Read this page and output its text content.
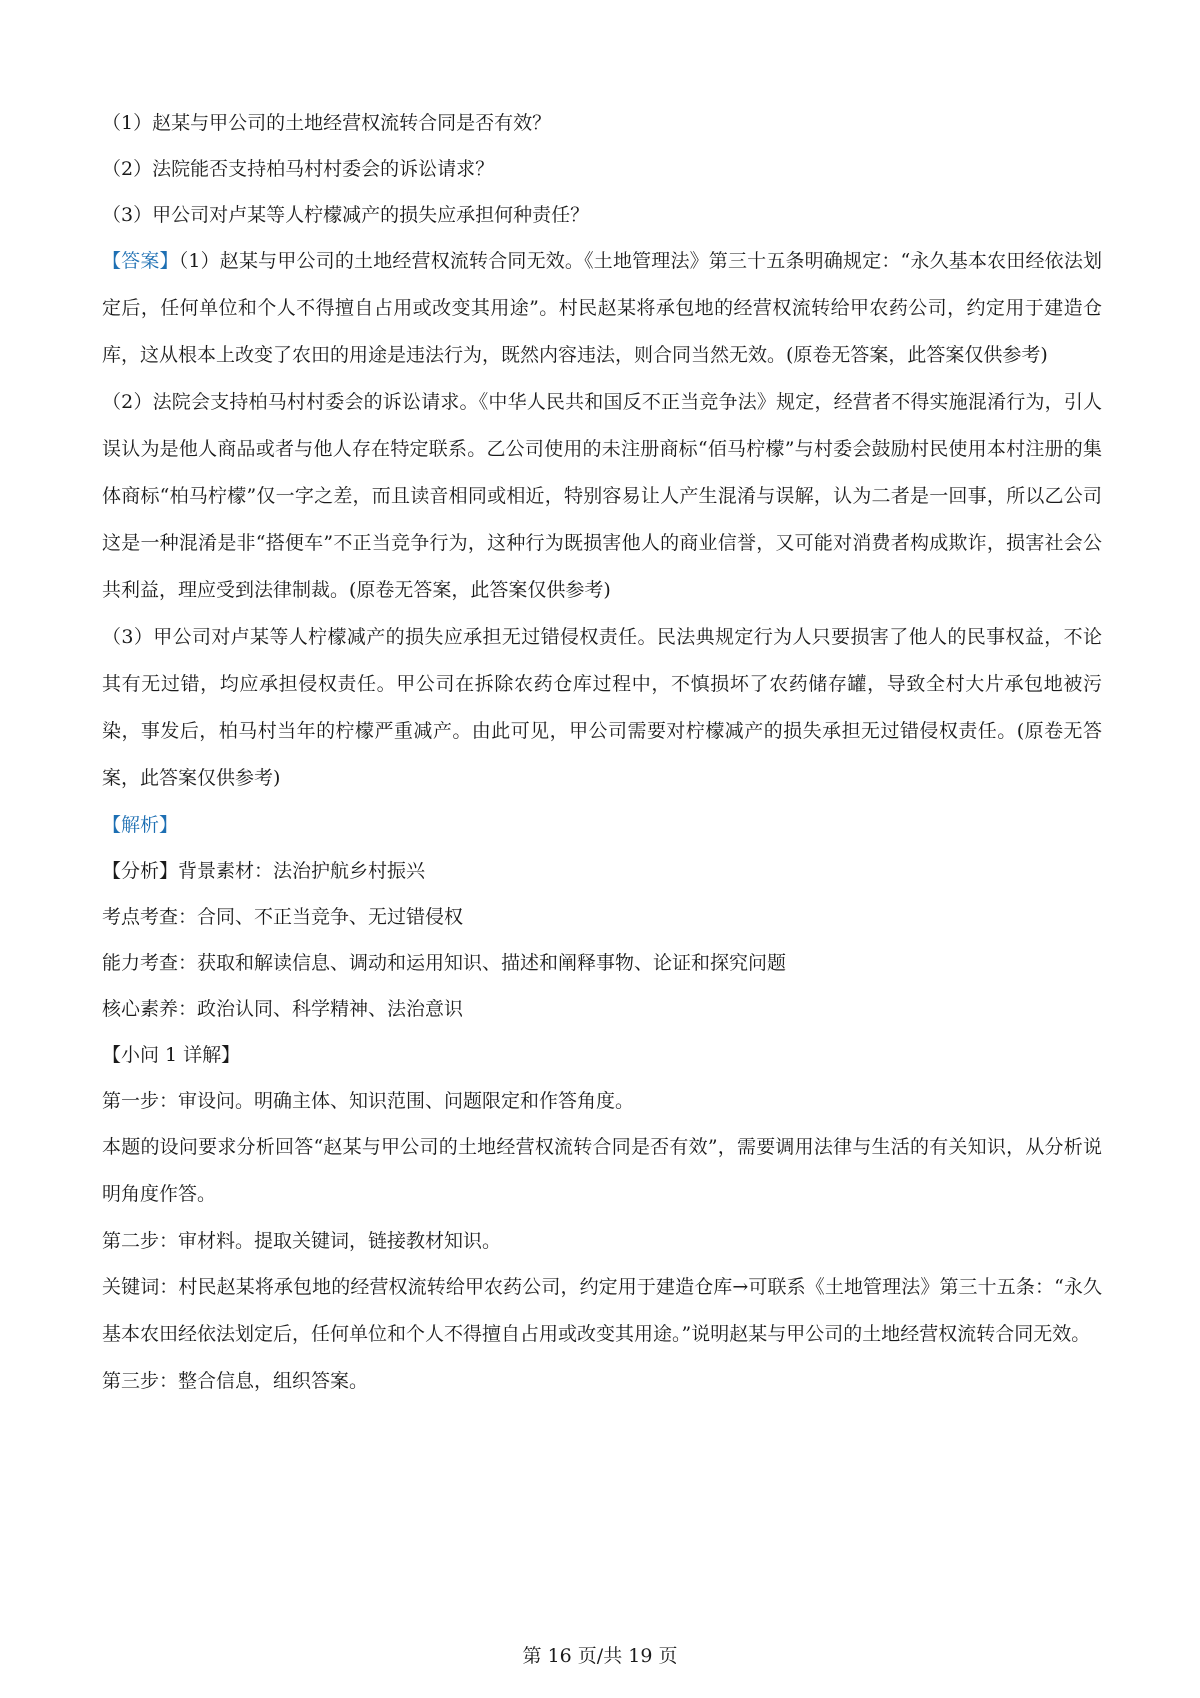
（1）赵某与甲公司的土地经营权流转合同是否有效？

（2）法院能否支持柏马村村委会的诉讼请求？

（3）甲公司对卢某等人柠檬减产的损失应承担何种责任？

【答案】（1）赵某与甲公司的土地经营权流转合同无效。《土地管理法》第三十五条明确规定：“永久基本农田经依法划定后，任何单位和个人不得擅自占用或改变其用途”。村民赵某将承包地的经营权流转给甲农药公司，约定用于建造仓库，这从根本上改变了农田的用途是违法行为，既然内容违法，则合同当然无效。(原卷无答案，此答案仅供参考)

（2）法院会支持柏马村村委会的诉讼请求。《中华人民共和国反不正当竞争法》规定，经营者不得实施混淆行为，引人误认为是他人商品或者与他人存在特定联系。乙公司使用的未注册商标“佰马柠檬”与村委会鼓励村民使用本村注册的集体商标“柏马柠檬”仅一字之差，而且读音相同或相近，特别容易让人产生混淆与误解，认为二者是一回事，所以乙公司这是一种混淆是非“搭便车”不正当竞争行为，这种行为既损害他人的商业信誉，又可能对消费者构成欺诈，损害社会公共利益，理应受到法律制裁。(原卷无答案，此答案仅供参考)

（3）甲公司对卢某等人柠檬减产的损失应承担无过错侵权责任。民法典规定行为人只要损害了他人的民事权益，不论其有无过错，均应承担侵权责任。甲公司在拆除农药仓库过程中，不慎损坏了农药储存罐，导致全村大片承包地被污染，事发后，柏马村当年的柠檬严重减产。由此可见，甲公司需要对柠檬减产的损失承担无过错侵权责任。(原卷无答案，此答案仅供参考)

【解析】

【分析】背景素材：法治护航乡村振兴

考点考查：合同、不正当竞争、无过错侵权

能力考查：获取和解读信息、调动和运用知识、描述和阐释事物、论证和探究问题

核心素养：政治认同、科学精神、法治意识

【小问 1 详解】

第一步：审设问。明确主体、知识范围、问题限定和作答角度。

本题的设问要求分析回答“赵某与甲公司的土地经营权流转合同是否有效”，需要调用法律与生活的有关知识，从分析说明角度作答。

第二步：审材料。提取关键词，链接教材知识。

关键词：村民赵某将承包地的经营权流转给甲农药公司，约定用于建造仓库→可联系《土地管理法》第三十五条：“永久基本农田经依法划定后，任何单位和个人不得擅自占用或改变其用途。”说明赵某与甲公司的土地经营权流转合同无效。

第三步：整合信息，组织答案。

第 16 页/共 19 页
